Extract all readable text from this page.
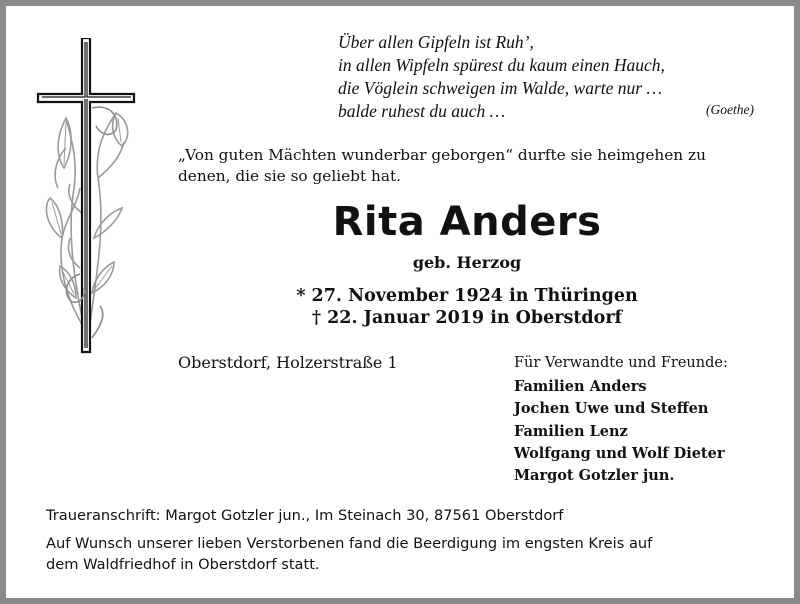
Über allen Gipfeln ist Ruh’,
in allen Wipfeln spürest du kaum einen Hauch,
die Vöglein schweigen im Walde, warte nur …
balde ruhest du auch …	(Goethe)
„Von guten Mächten wunderbar geborgen“ durfte sie heimgehen zu
denen, die sie so geliebt hat.
Rita Anders
geb. Herzog
* 27. November 1924 in Thüringen
† 22. Januar 2019 in Oberstdorf
Oberstdorf, Holzerstraße 1	Für Verwandte und Freunde:
Familien Anders
Jochen Uwe und Steffen
Familien Lenz
Wolfgang und Wolf Dieter
Margot Gotzler jun.
Traueranschrift: Margot Gotzler jun., Im Steinach 30, 87561 Oberstdorf
Auf Wunsch unserer lieben Verstorbenen fand die Beerdigung im engsten Kreis auf
dem Waldfriedhof in Oberstdorf statt.
